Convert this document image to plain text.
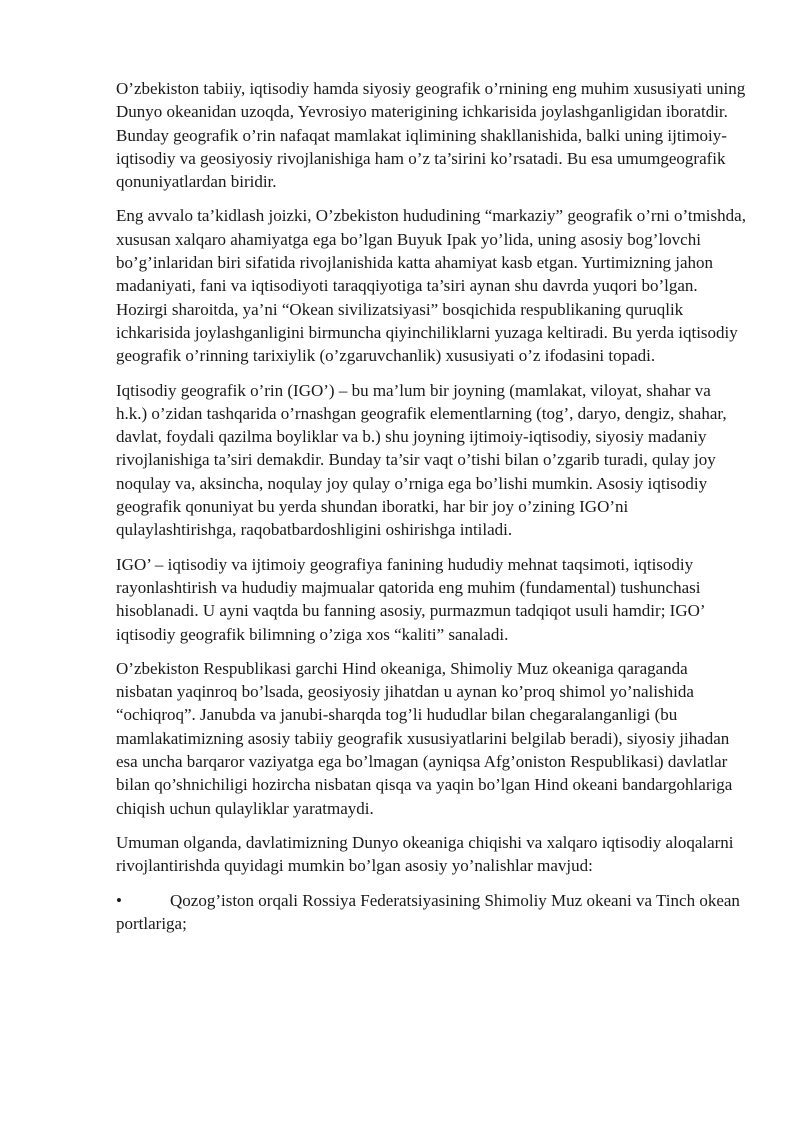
O’zbekiston tabiiy, iqtisodiy hamda siyosiy geografik o’rnining eng muhim xususiyati uning Dunyo okeanidan uzoqda, Yevrosiyo materigining ichkarisida joylashganligidan iboratdir. Bunday geografik o’rin nafaqat mamlakat iqlimining shakllanishida, balki uning ijtimoiy-iqtisodiy va geosiyosiy rivojlanishiga ham o’z ta’sirini ko’rsatadi. Bu esa umumgeografik qonuniyatlardan biridir.

Eng avvalo ta’kidlash joizki, O’zbekiston hududining “markaziy” geografik o’rni o’tmishda, xususan xalqaro ahamiyatga ega bo’lgan Buyuk Ipak yo’lida, uning asosiy bog’lovchi bo’g’inlaridan biri sifatida rivojlanishida katta ahamiyat kasb etgan. Yurtimizning jahon madaniyati, fani va iqtisodiyoti taraqqiyotiga ta’siri aynan shu davrda yuqori bo’lgan. Hozirgi sharoitda, ya’ni “Okean sivilizatsiyasi” bosqichida respublikaning quruqlik ichkarisida joylashganligini birmuncha qiyinchiliklarni yuzaga keltiradi. Bu yerda iqtisodiy geografik o’rinning tarixiylik (o’zgaruvchanlik) xususiyati o’z ifodasini topadi.

Iqtisodiy geografik o’rin (IGO’) – bu ma’lum bir joyning (mamlakat, viloyat, shahar va h.k.) o’zidan tashqarida o’rnashgan geografik elementlarning (tog’, daryo, dengiz, shahar, davlat, foydali qazilma boyliklar va b.) shu joyning ijtimoiy-iqtisodiy, siyosiy madaniy rivojlanishiga ta’siri demakdir. Bunday ta’sir vaqt o’tishi bilan o’zgarib turadi, qulay joy noqulay va, aksincha, noqulay joy qulay o’rniga ega bo’lishi mumkin. Asosiy iqtisodiy geografik qonuniyat bu yerda shundan iboratki, har bir joy o’zining IGO’ni qulaylashtirishga, raqobatbardoshligini oshirishga intiladi.

IGO’ – iqtisodiy va ijtimoiy geografiya fanining hududiy mehnat taqsimoti, iqtisodiy rayonlashtirish va hududiy majmualar qatorida eng muhim (fundamental) tushunchasi hisoblanadi. U ayni vaqtda bu fanning asosiy, purmazmun tadqiqot usuli hamdir; IGO’ iqtisodiy geografik bilimning o’ziga xos “kaliti” sanaladi.

O’zbekiston Respublikasi garchi Hind okeaniga, Shimoliy Muz okeaniga qaraganda nisbatan yaqinroq bo’lsada, geosiyosiy jihatdan u aynan ko’proq shimol yo’nalishida “ochiqroq”. Janubda va janubi-sharqda tog’li hududlar bilan chegaralanganligi (bu mamlakatimizning asosiy tabiiy geografik xususiyatlarini belgilab beradi), siyosiy jihadan esa uncha barqaror vaziyatga ega bo’lmagan (ayniqsa Afg’oniston Respublikasi) davlatlar bilan qo’shnichiligi hozircha nisbatan qisqa va yaqin bo’lgan Hind okeani bandargohlariga chiqish uchun qulayliklar yaratmaydi.

Umuman olganda, davlatimizning Dunyo okeaniga chiqishi va xalqaro iqtisodiy aloqalarni rivojlantirishda quyidagi mumkin bo’lgan asosiy yo’nalishlar mavjud:

•	Qozog’iston orqali Rossiya Federatsiyasining Shimoliy Muz okeani va Tinch okean portlariga;
